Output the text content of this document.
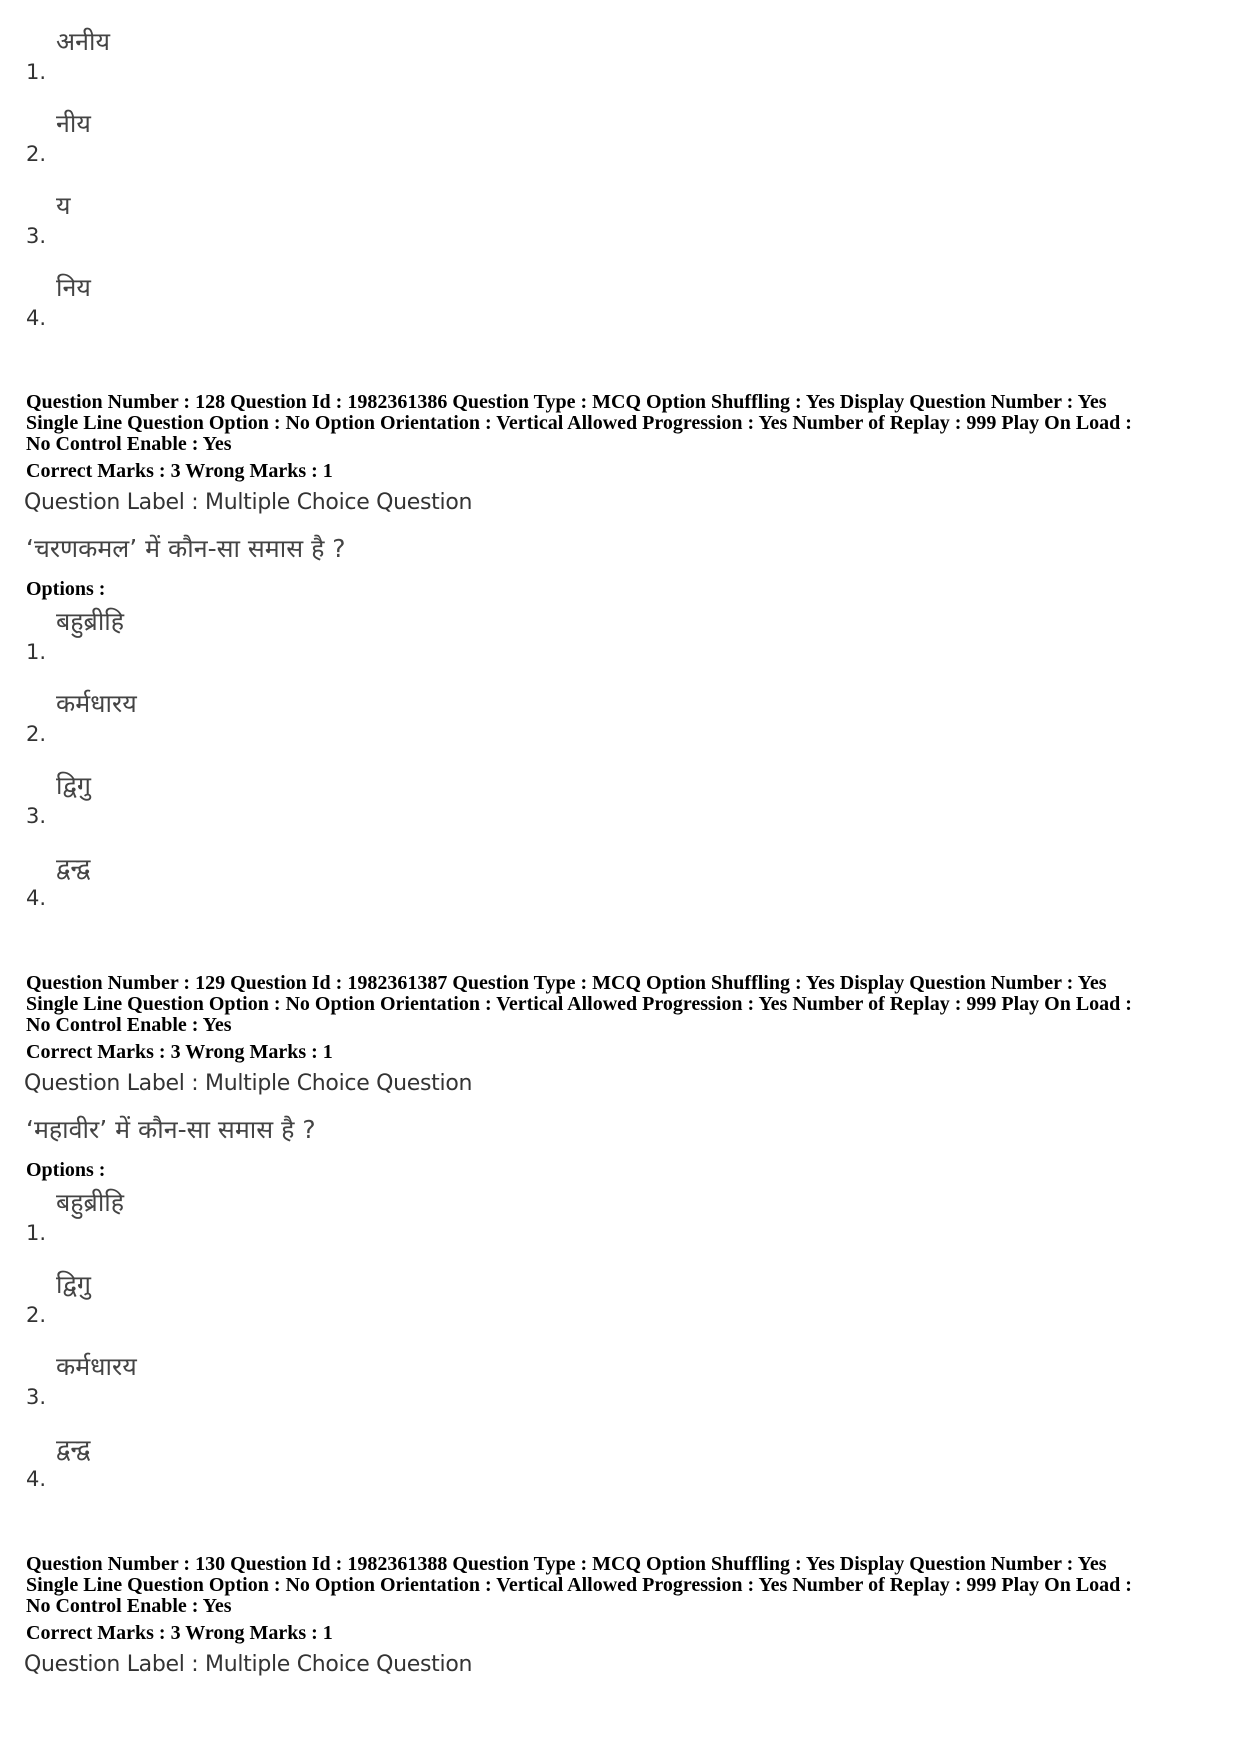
1.
अनीय
2.
नीय
3.
य
4.
निय

Question Number : 128 Question Id : 1982361386 Question Type : MCQ Option Shuffling : Yes Display Question Number : Yes

Single Line Question Option : No Option Orientation : Vertical Allowed Progression : Yes Number of Replay : 999 Play On Load :

No Control Enable : Yes

Correct Marks : 3 Wrong Marks : 1
Question Label : Multiple Choice Question
‘चरणकमल’ में कौन-सा समास है ?
Options :
1.
बहुब्रीहि
2.
कर्मधारय
3.
द्विगु
4.
द्वन्द्व

Question Number : 129 Question Id : 1982361387 Question Type : MCQ Option Shuffling : Yes Display Question Number : Yes

Single Line Question Option : No Option Orientation : Vertical Allowed Progression : Yes Number of Replay : 999 Play On Load :

No Control Enable : Yes

Correct Marks : 3 Wrong Marks : 1
Question Label : Multiple Choice Question
‘महावीर’ में कौन-सा समास है ?
Options :
1.
बहुब्रीहि
2.
द्विगु
3.
कर्मधारय
4.
द्वन्द्व

Question Number : 130 Question Id : 1982361388 Question Type : MCQ Option Shuffling : Yes Display Question Number : Yes

Single Line Question Option : No Option Orientation : Vertical Allowed Progression : Yes Number of Replay : 999 Play On Load :

No Control Enable : Yes

Correct Marks : 3 Wrong Marks : 1
Question Label : Multiple Choice Question
